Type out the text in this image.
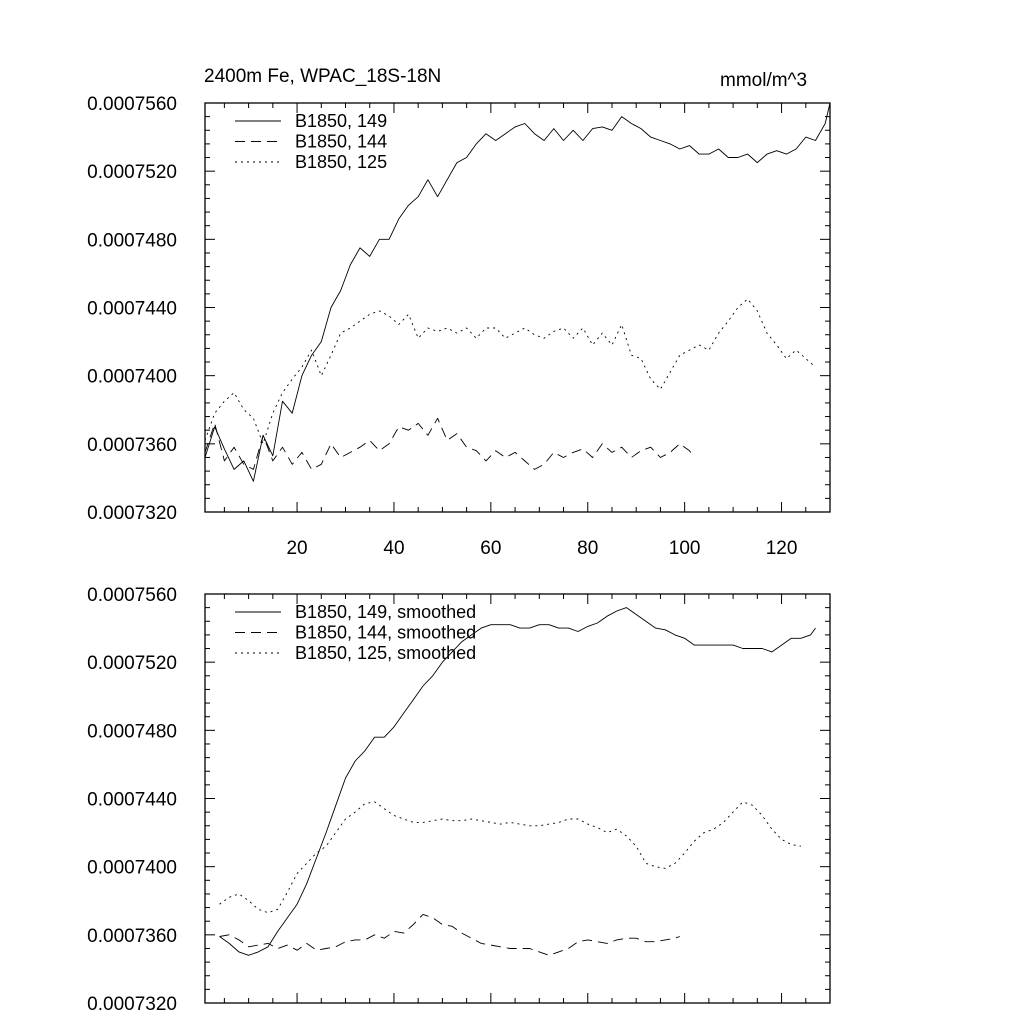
2400m Fe, WPAC_18S-18N	mmol/m^3
0.0007320
0.0007360
0.0007400
0.0007440
0.0007480
0.0007520
0.0007560
20	40	60	80	100	120
B1850, 149
B1850, 144
B1850, 125
0.0007320
0.0007360
0.0007400
0.0007440
0.0007480
0.0007520
0.0007560
B1850, 149, smoothed
B1850, 144, smoothed
B1850, 125, smoothed
